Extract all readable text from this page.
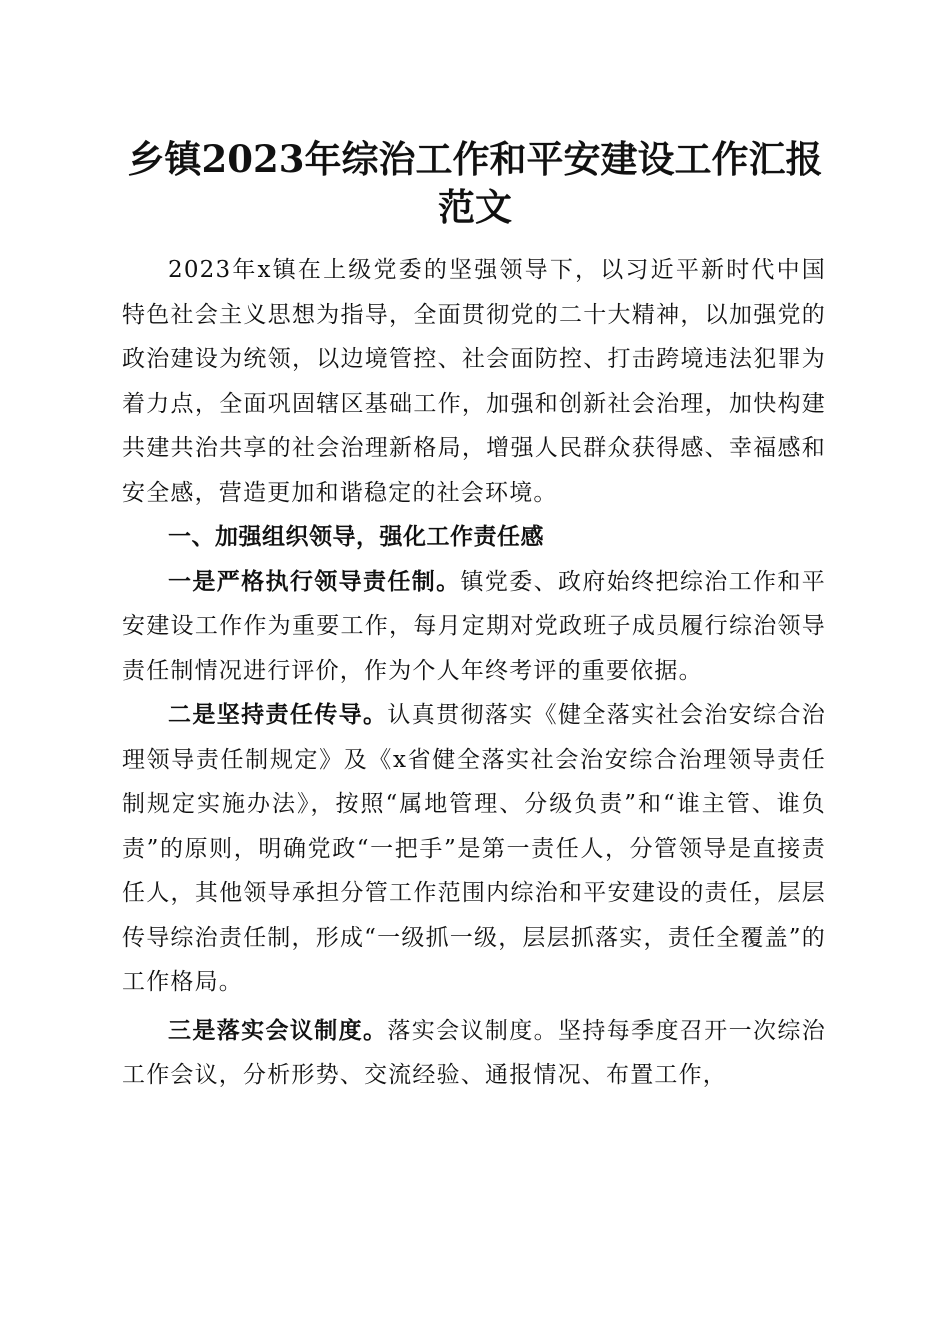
乡镇2023年综治工作和平安建设工作汇报范文

2023年x镇在上级党委的坚强领导下，以习近平新时代中国特色社会主义思想为指导，全面贯彻党的二十大精神，以加强党的政治建设为统领，以边境管控、社会面防控、打击跨境违法犯罪为着力点，全面巩固辖区基础工作，加强和创新社会治理，加快构建共建共治共享的社会治理新格局，增强人民群众获得感、幸福感和安全感，营造更加和谐稳定的社会环境。

一、加强组织领导，强化工作责任感

一是严格执行领导责任制。镇党委、政府始终把综治工作和平安建设工作作为重要工作，每月定期对党政班子成员履行综治领导责任制情况进行评价，作为个人年终考评的重要依据。

二是坚持责任传导。认真贯彻落实《健全落实社会治安综合治理领导责任制规定》及《x省健全落实社会治安综合治理领导责任制规定实施办法》，按照“属地管理、分级负责”和“谁主管、谁负责”的原则，明确党政“一把手”是第一责任人，分管领导是直接责任人，其他领导承担分管工作范围内综治和平安建设的责任，层层传导综治责任制，形成“一级抓一级，层层抓落实，责任全覆盖”的工作格局。

三是落实会议制度。落实会议制度。坚持每季度召开一次综治工作会议，分析形势、交流经验、通报情况、布置工作，
